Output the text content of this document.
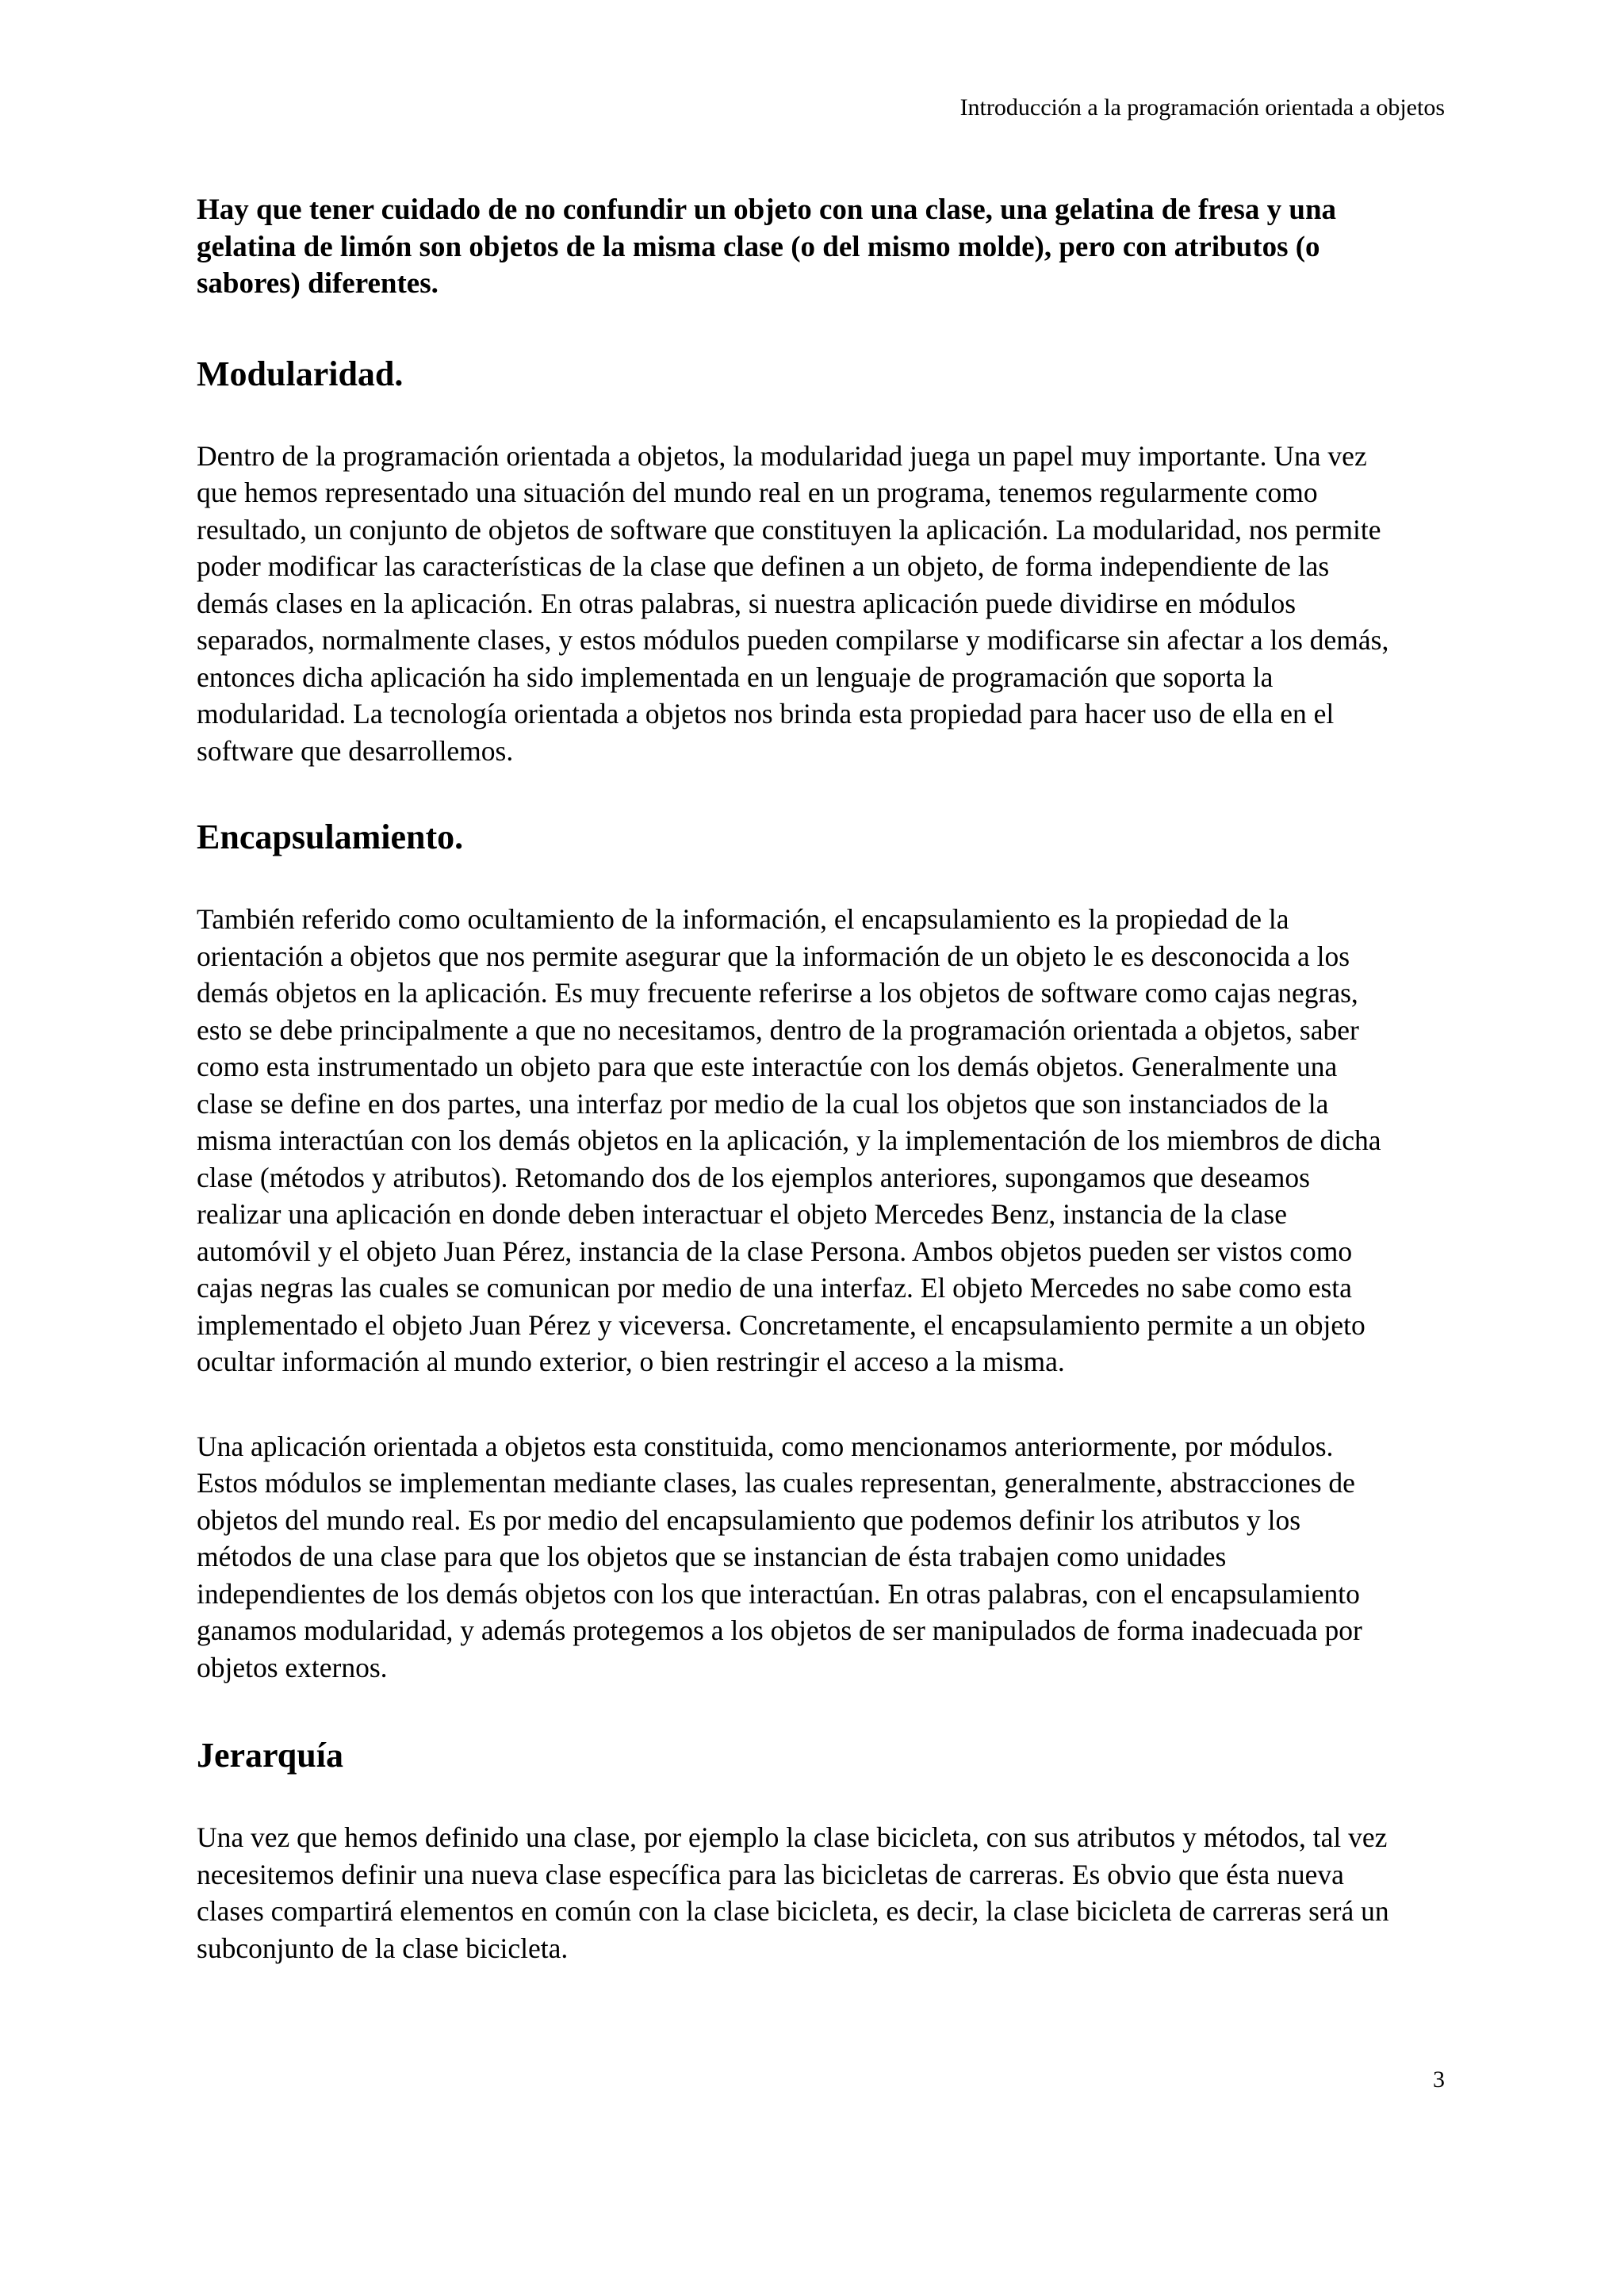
Introducción a la programación orientada a objetos

Hay que tener cuidado de no confundir un objeto con una clase, una gelatina de fresa y una gelatina de limón son objetos de la misma clase (o del mismo molde), pero con atributos (o sabores) diferentes.

Modularidad.

Dentro de la programación orientada a objetos, la modularidad juega un papel muy importante. Una vez que hemos representado una situación del mundo real en un programa, tenemos regularmente como resultado, un conjunto de objetos de software que constituyen la aplicación. La modularidad, nos permite poder modificar las características de la clase que definen a un objeto, de forma independiente de las demás clases en la aplicación. En otras palabras, si nuestra aplicación puede dividirse en módulos separados, normalmente clases, y estos módulos pueden compilarse y modificarse sin afectar a los demás, entonces dicha aplicación ha sido implementada en un lenguaje de programación que soporta la modularidad. La tecnología orientada a objetos nos brinda esta propiedad para hacer uso de ella en el software que desarrollemos.

Encapsulamiento.

También referido como ocultamiento de la información, el encapsulamiento es la propiedad de la orientación a objetos que nos permite asegurar que la información de un objeto le es desconocida a los demás objetos en la aplicación. Es muy frecuente referirse a los objetos de software como cajas negras, esto se debe principalmente a que no necesitamos, dentro de la programación orientada a objetos, saber como esta instrumentado un objeto para que este interactúe con los demás objetos. Generalmente una clase se define en dos partes, una interfaz por medio de la cual los objetos que son instanciados de la misma interactúan con los demás objetos en la aplicación, y la implementación de los miembros de dicha clase (métodos y atributos). Retomando dos de los ejemplos anteriores, supongamos que deseamos realizar una aplicación en donde deben interactuar el objeto Mercedes Benz, instancia de la clase automóvil y el objeto Juan Pérez, instancia de la clase Persona. Ambos objetos pueden ser vistos como cajas negras las cuales se comunican por medio de una interfaz. El objeto Mercedes no sabe como esta implementado el objeto Juan Pérez y viceversa. Concretamente, el encapsulamiento permite a un objeto ocultar información al mundo exterior, o bien restringir el acceso a la misma.

Una aplicación orientada a objetos esta constituida, como mencionamos anteriormente, por módulos. Estos módulos se implementan mediante clases, las cuales representan, generalmente, abstracciones de objetos del mundo real. Es por medio del encapsulamiento que podemos definir los atributos y los métodos de una clase para que los objetos que se instancian de ésta trabajen como unidades independientes de los demás objetos con los que interactúan. En otras palabras, con el encapsulamiento ganamos modularidad, y además protegemos a los objetos de ser manipulados de forma inadecuada por objetos externos.

Jerarquía

Una vez que hemos definido una clase, por ejemplo la clase bicicleta, con sus atributos y métodos, tal vez necesitemos definir una nueva clase específica para las bicicletas de carreras. Es obvio que ésta nueva clases compartirá elementos en común con la clase bicicleta, es decir, la clase bicicleta de carreras será un subconjunto de la clase bicicleta.

3
